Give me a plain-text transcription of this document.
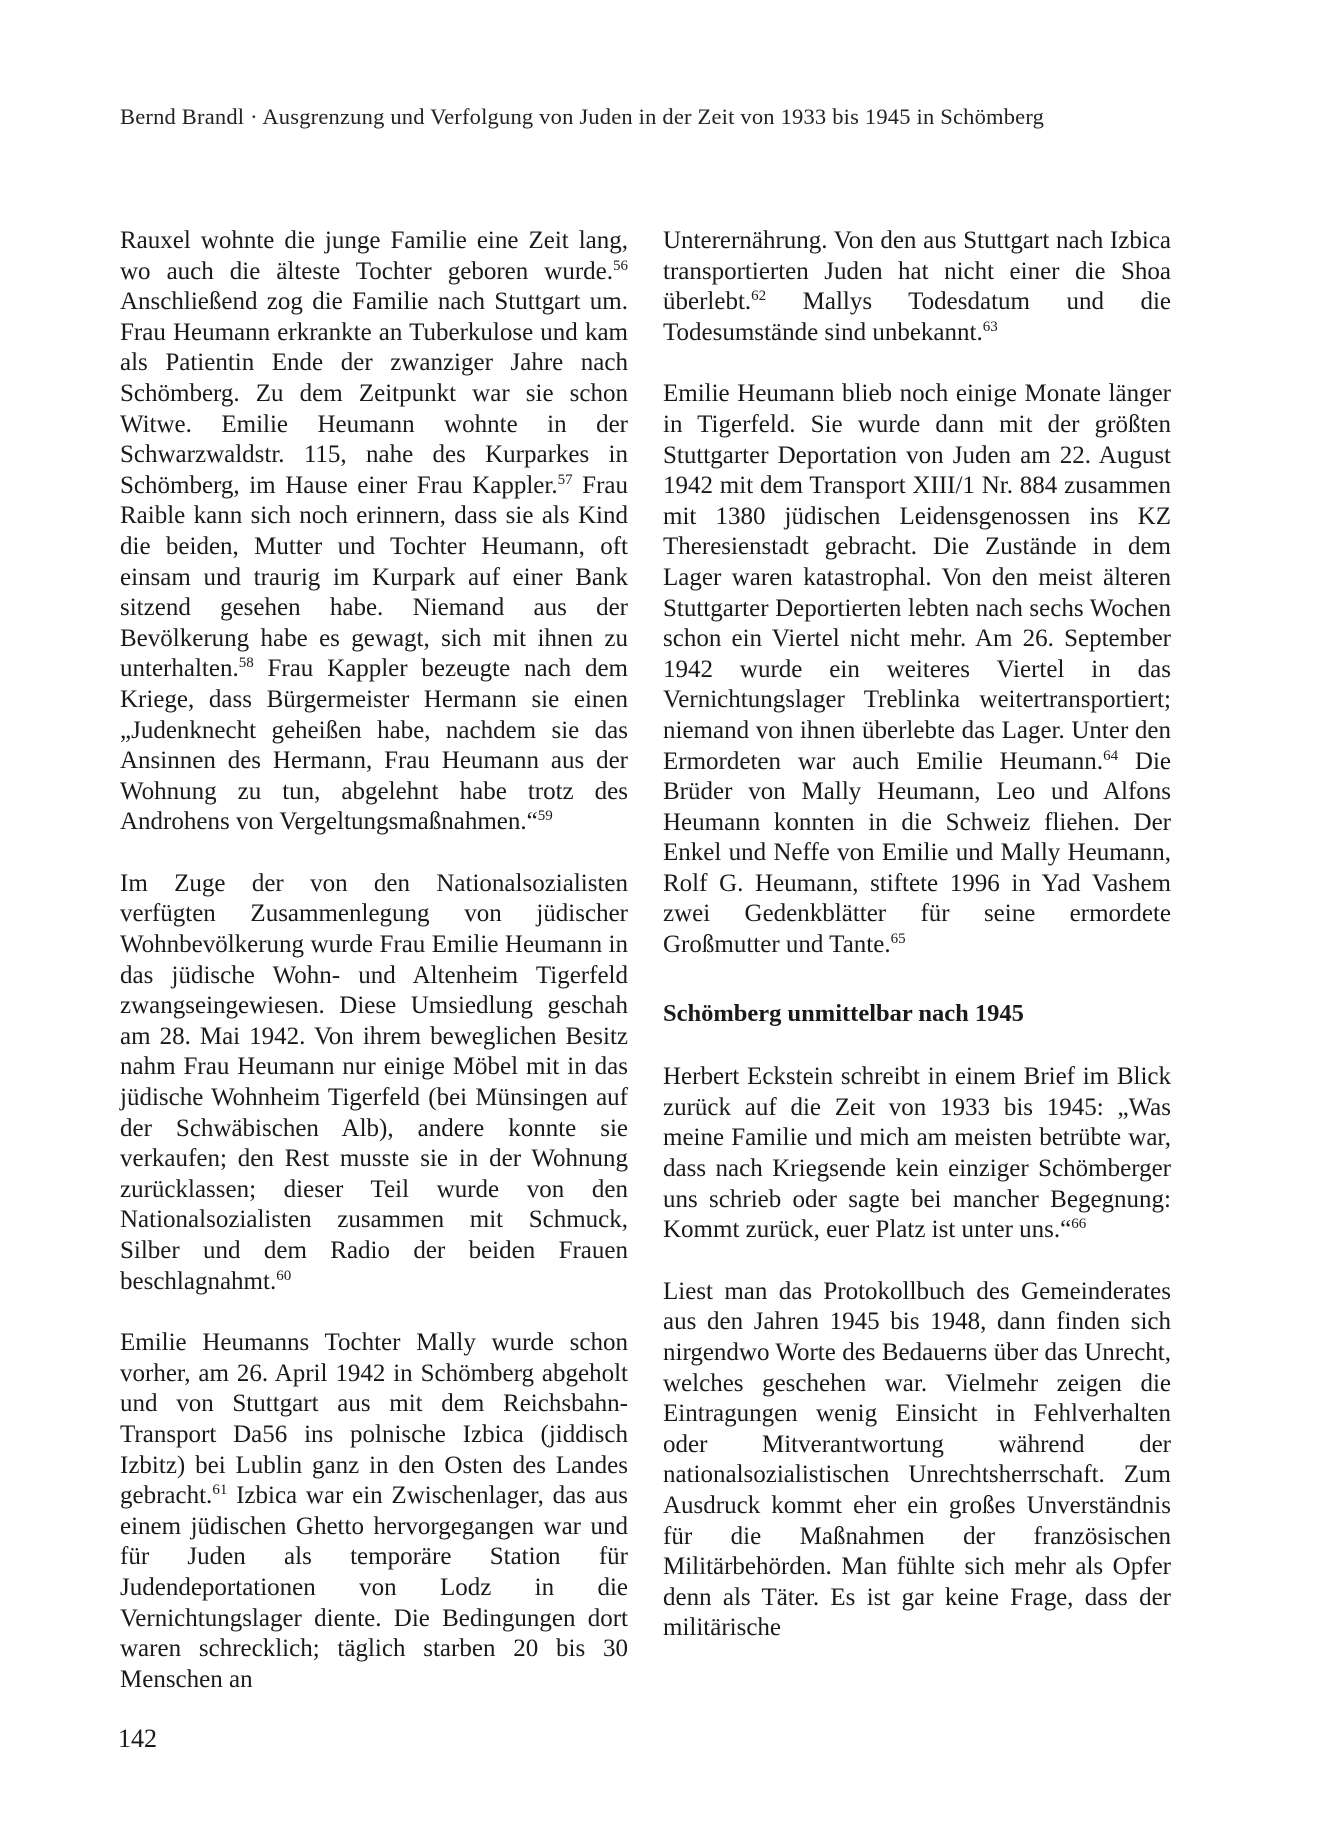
Bernd Brandl · Ausgrenzung und Verfolgung von Juden in der Zeit von 1933 bis 1945 in Schömberg

Rauxel wohnte die junge Familie eine Zeit lang, wo auch die älteste Tochter geboren wurde.$^{56}$ Anschließend zog die Familie nach Stuttgart um. Frau Heumann erkrankte an Tuberkulose und kam als Patientin Ende der zwanziger Jahre nach Schömberg. Zu dem Zeitpunkt war sie schon Witwe. Emilie Heumann wohnte in der Schwarzwaldstr. 115, nahe des Kurparkes in Schömberg, im Hause einer Frau Kappler.$^{57}$ Frau Raible kann sich noch erinnern, dass sie als Kind die beiden, Mutter und Tochter Heumann, oft einsam und traurig im Kurpark auf einer Bank sitzend gesehen habe. Niemand aus der Bevölkerung habe es gewagt, sich mit ihnen zu unterhalten.$^{58}$ Frau Kappler bezeugte nach dem Kriege, dass Bürgermeister Hermann sie einen „Judenknecht geheißen habe, nachdem sie das Ansinnen des Hermann, Frau Heumann aus der Wohnung zu tun, abgelehnt habe trotz des Androhens von Vergeltungsmaßnahmen.“$^{59}$

Im Zuge der von den Nationalsozialisten verfügten Zusammenlegung von jüdischer Wohnbevölkerung wurde Frau Emilie Heumann in das jüdische Wohn- und Altenheim Tigerfeld zwangseingewiesen. Diese Umsiedlung geschah am 28. Mai 1942. Von ihrem beweglichen Besitz nahm Frau Heumann nur einige Möbel mit in das jüdische Wohnheim Tigerfeld (bei Münsingen auf der Schwäbischen Alb), andere konnte sie verkaufen; den Rest musste sie in der Wohnung zurücklassen; dieser Teil wurde von den Nationalsozialisten zusammen mit Schmuck, Silber und dem Radio der beiden Frauen beschlagnahmt.$^{60}$

Emilie Heumanns Tochter Mally wurde schon vorher, am 26. April 1942 in Schömberg abgeholt und von Stuttgart aus mit dem Reichsbahn-Transport Da56 ins polnische Izbica (jiddisch Izbitz) bei Lublin ganz in den Osten des Landes gebracht.$^{61}$ Izbica war ein Zwischenlager, das aus einem jüdischen Ghetto hervorgegangen war und für Juden als temporäre Station für Judendeportationen von Lodz in die Vernichtungslager diente. Die Bedingungen dort waren schrecklich; täglich starben 20 bis 30 Menschen an

Unterernährung. Von den aus Stuttgart nach Izbica transportierten Juden hat nicht einer die Shoa überlebt.$^{62}$ Mallys Todesdatum und die Todesumstände sind unbekannt.$^{63}$

Emilie Heumann blieb noch einige Monate länger in Tigerfeld. Sie wurde dann mit der größten Stuttgarter Deportation von Juden am 22. August 1942 mit dem Transport XIII/1 Nr. 884 zusammen mit 1380 jüdischen Leidensgenossen ins KZ Theresienstadt gebracht. Die Zustände in dem Lager waren katastrophal. Von den meist älteren Stuttgarter Deportierten lebten nach sechs Wochen schon ein Viertel nicht mehr. Am 26. September 1942 wurde ein weiteres Viertel in das Vernichtungslager Treblinka weitertransportiert; niemand von ihnen überlebte das Lager. Unter den Ermordeten war auch Emilie Heumann.$^{64}$ Die Brüder von Mally Heumann, Leo und Alfons Heumann konnten in die Schweiz fliehen. Der Enkel und Neffe von Emilie und Mally Heumann, Rolf G. Heumann, stiftete 1996 in Yad Vashem zwei Gedenkblätter für seine ermordete Großmutter und Tante.$^{65}$

Schömberg unmittelbar nach 1945

Herbert Eckstein schreibt in einem Brief im Blick zurück auf die Zeit von 1933 bis 1945: „Was meine Familie und mich am meisten betrübte war, dass nach Kriegsende kein einziger Schömberger uns schrieb oder sagte bei mancher Begegnung: Kommt zurück, euer Platz ist unter uns.“$^{66}$

Liest man das Protokollbuch des Gemeinderates aus den Jahren 1945 bis 1948, dann finden sich nirgendwo Worte des Bedauerns über das Unrecht, welches geschehen war. Vielmehr zeigen die Eintragungen wenig Einsicht in Fehlverhalten oder Mitverantwortung während der nationalsozialistischen Unrechtsherrschaft. Zum Ausdruck kommt eher ein großes Unverständnis für die Maßnahmen der französischen Militärbehörden. Man fühlte sich mehr als Opfer denn als Täter. Es ist gar keine Frage, dass der militärische

142
